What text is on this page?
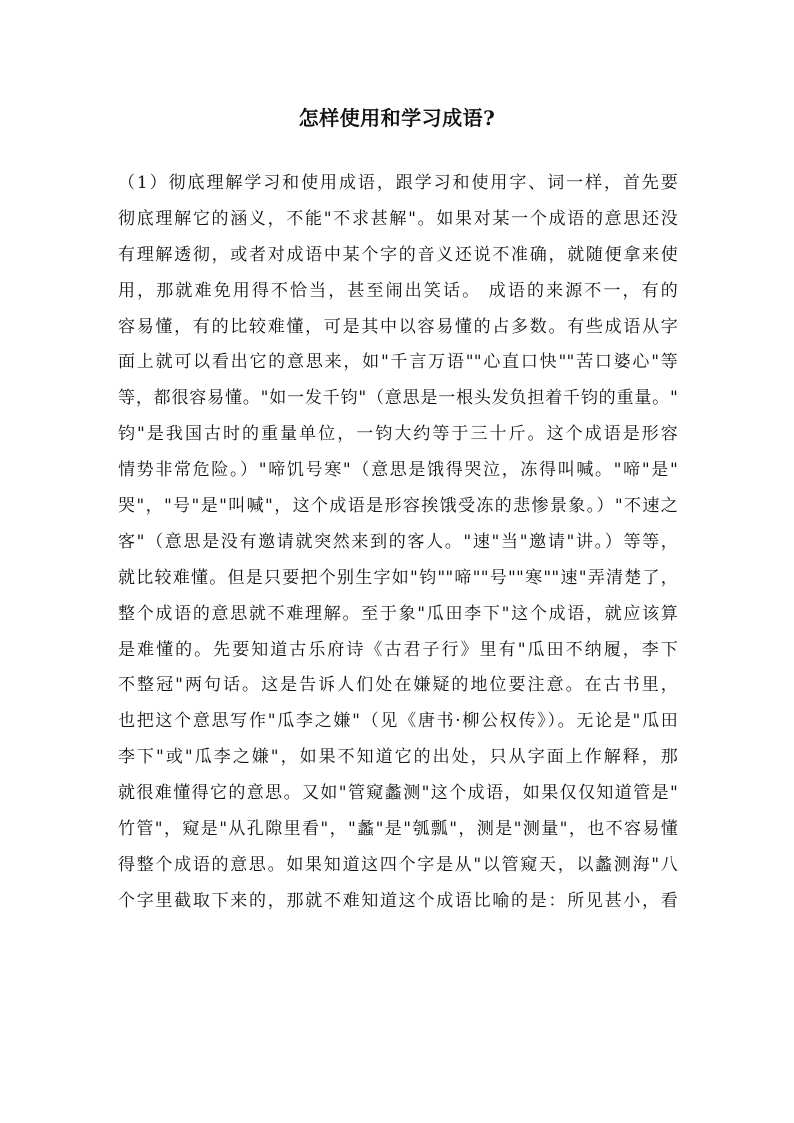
怎样使用和学习成语?
（1）彻底理解学习和使用成语，跟学习和使用字、词一样，首先要
彻底理解它的涵义，不能"不求甚解"。如果对某一个成语的意思还没
有理解透彻，或者对成语中某个字的音义还说不准确，就随便拿来使
用，那就难免用得不恰当，甚至闹出笑话。 成语的来源不一，有的
容易懂，有的比较难懂，可是其中以容易懂的占多数。有些成语从字
面上就可以看出它的意思来，如"千言万语""心直口快""苦口婆心"等
等，都很容易懂。"如一发千钧"（意思是一根头发负担着千钧的重量。"
钧"是我国古时的重量单位，一钧大约等于三十斤。这个成语是形容
情势非常危险。）"啼饥号寒"（意思是饿得哭泣，冻得叫喊。"啼"是"
哭"，"号"是"叫喊"，这个成语是形容挨饿受冻的悲惨景象。）"不速之
客"（意思是没有邀请就突然来到的客人。"速"当"邀请"讲。）等等，
就比较难懂。但是只要把个别生字如"钧""啼""号""寒""速"弄清楚了，
整个成语的意思就不难理解。至于象"瓜田李下"这个成语，就应该算
是难懂的。先要知道古乐府诗《古君子行》里有"瓜田不纳履，李下
不整冠"两句话。这是告诉人们处在嫌疑的地位要注意。在古书里，
也把这个意思写作"瓜李之嫌"（见《唐书·柳公权传》）。无论是"瓜田
李下"或"瓜李之嫌"，如果不知道它的出处，只从字面上作解释，那
就很难懂得它的意思。又如"管窥蠡测"这个成语，如果仅仅知道管是"
竹管"，窥是"从孔隙里看"，"蠡"是"瓠瓢"，测是"测量"，也不容易懂
得整个成语的意思。如果知道这四个字是从"以管窥天，以蠡测海"八
个字里截取下来的，那就不难知道这个成语比喻的是：所见甚小，看
